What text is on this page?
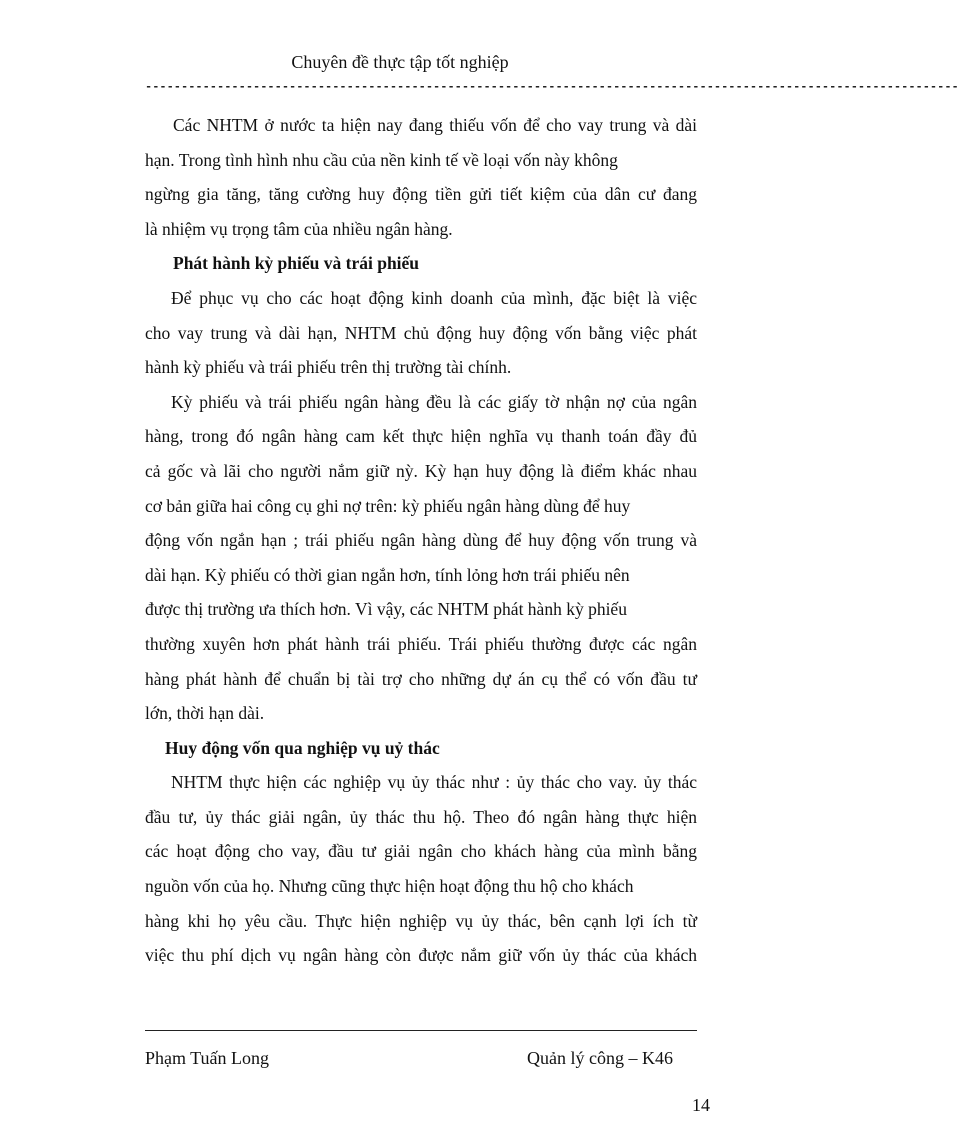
Chuyên đề thực tập tốt nghiệp
-----------------------------------------------------------------------------------------------------------------
Các NHTM ở nước ta hiện nay đang thiếu vốn để cho vay trung và dài
hạn. Trong tình hình nhu cầu của nền kinh tế về loại vốn này không
ngừng gia tăng, tăng cường huy động tiền gửi tiết kiệm của dân cư đang
là nhiệm vụ trọng tâm của nhiều ngân hàng.
Phát hành kỳ phiếu và trái phiếu
Để phục vụ cho các hoạt động kinh doanh của mình, đặc biệt là việc
cho vay trung và dài hạn, NHTM chủ động huy động vốn bằng việc phát
hành kỳ phiếu và trái phiếu trên thị trường tài chính.
Kỳ phiếu và trái phiếu ngân hàng đều là các giấy tờ nhận nợ của ngân
hàng, trong đó ngân hàng cam kết thực hiện nghĩa vụ thanh toán đầy đủ
cả gốc và lãi cho người nắm giữ nỳ. Kỳ hạn huy động là điểm khác nhau
cơ bản giữa hai công cụ ghi nợ trên: kỳ phiếu ngân hàng dùng để huy
động vốn ngắn hạn ; trái phiếu ngân hàng dùng để huy động vốn trung và
dài hạn. Kỳ phiếu có thời gian ngắn hơn, tính lỏng hơn trái phiếu nên
được thị trường ưa thích hơn. Vì vậy, các NHTM phát hành kỳ phiếu
thường xuyên hơn phát hành trái phiếu. Trái phiếu thường được các ngân
hàng phát hành để chuẩn bị tài trợ cho những dự án cụ thể có vốn đầu tư
lớn, thời hạn dài.
Huy động vốn qua nghiệp vụ uỷ thác
NHTM thực hiện các nghiệp vụ ủy thác như : ủy thác cho vay. ủy thác
đầu tư, ủy thác giải ngân, ủy thác thu hộ. Theo đó ngân hàng thực hiện
các hoạt động cho vay, đầu tư giải ngân cho khách hàng của mình bằng
nguồn vốn của họ. Nhưng cũng thực hiện hoạt động thu hộ cho khách
hàng khi họ yêu cầu. Thực hiện nghiệp vụ ủy thác, bên cạnh lợi ích từ
việc thu phí dịch vụ ngân hàng còn được nắm giữ vốn ủy thác của khách
Phạm Tuấn Long	Quản lý công – K46
14
